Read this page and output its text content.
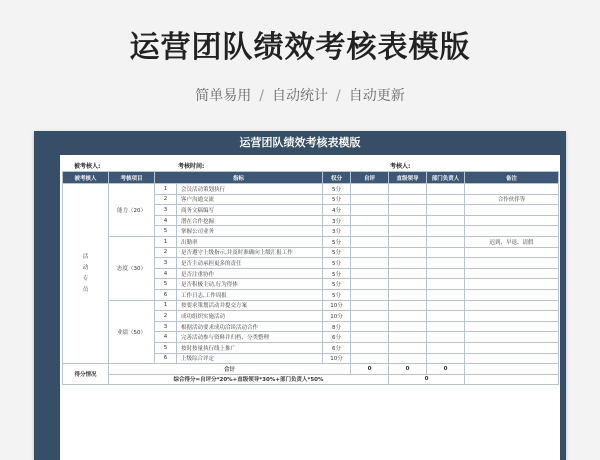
运营团队绩效考核表模版
简单易用 / 自动统计 / 自动更新
运营团队绩效考核表模版
被考核人:	考核时间:	考核人:
被考核人	考核项目	指标		权分	自评	直级领导	部门负责人	备注

活
动
专
员	能力（20）	1	会员活动策划执行	5分				
		2	客户沟通交流	5分				合作伙伴等
		3	商务文稿编写	4分				
		4	潜在合作挖掘	3分				
		5	掌握公司业务	3分				
	态度（30）	1	出勤率	5分				迟到、早退、请假
		2	是否遵守上级指示,并及时准确向上级汇报工作	5分				
		3	是否主动承担更多的责任	5分				
		4	是否注重协作	5分				
		5	是否积极主动,行为得体	5分				
		6	工作日志,工作周报	5分				
	业绩（50）	1	按要求策划活动并提交方案	10分				
		2	成功组织实施活动	10分				
		3	根据活动要求成功洽谈活动合作	8分				
		4	完善活动参与资料并归档、分类整理	6分				
		5	按时按量执行线上推广	6分				
		6	上级综合评定	10分				
得分情况	合计				0	0	0	
	综合得分=自评分*20%+直级领导*30%+部门负责人*50%					0		
